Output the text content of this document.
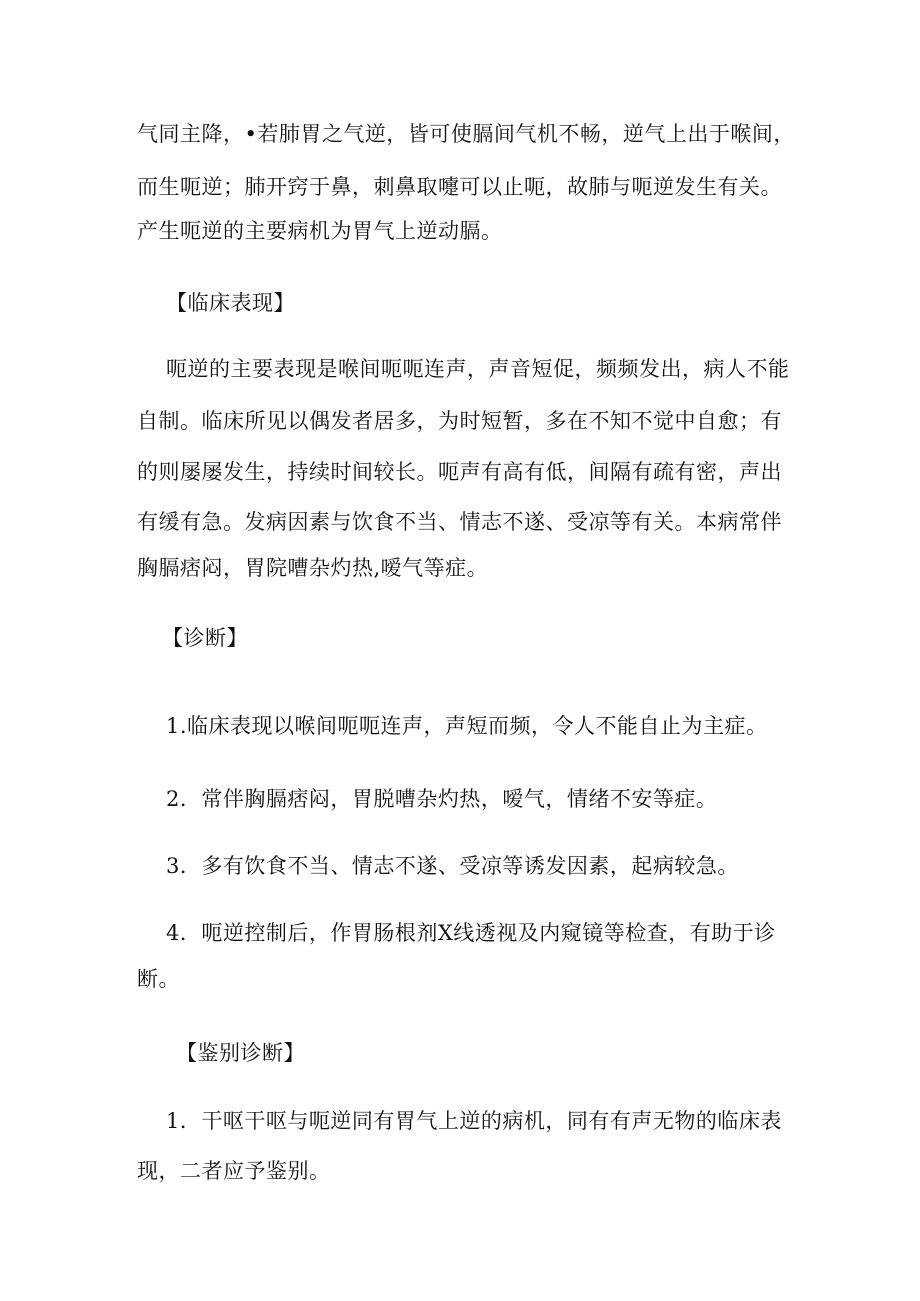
气同主降，•若肺胃之气逆，皆可使膈间气机不畅，逆气上出于喉间，
而生呃逆；肺开窍于鼻，刺鼻取嚏可以止呃，故肺与呃逆发生有关。
产生呃逆的主要病机为胃气上逆动膈。
【临床表现】
呃逆的主要表现是喉间呃呃连声，声音短促，频频发出，病人不能
自制。临床所见以偶发者居多，为时短暂，多在不知不觉中自愈；有
的则屡屡发生，持续时间较长。呃声有高有低，间隔有疏有密，声出
有缓有急。发病因素与饮食不当、情志不遂、受凉等有关。本病常伴
胸膈痞闷，胃院嘈杂灼热,嗳气等症。
【诊断】
1.临床表现以喉间呃呃连声，声短而频，令人不能自止为主症。
2．常伴胸膈痞闷，胃脱嘈杂灼热，嗳气，情绪不安等症。
3．多有饮食不当、情志不遂、受凉等诱发因素，起病较急。
4．呃逆控制后，作胃肠根剂X线透视及内窥镜等检查，有助于诊
断。
【鉴别诊断】
1．干呕干呕与呃逆同有胃气上逆的病机，同有有声无物的临床表
现，二者应予鉴别。
